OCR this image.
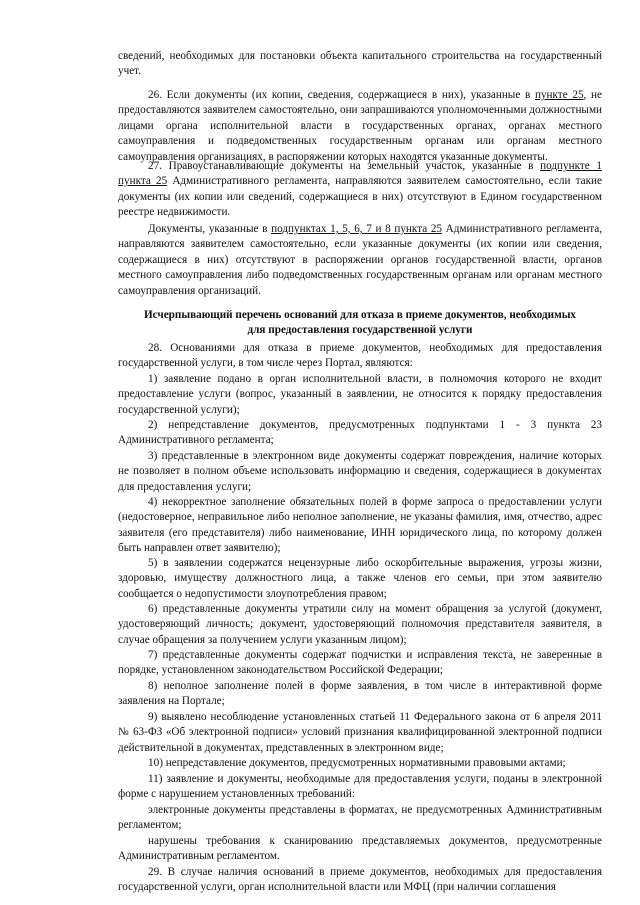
сведений, необходимых для постановки объекта капитального строительства на государственный учет.

26. Если документы (их копии, сведения, содержащиеся в них), указанные в пункте 25, не предоставляются заявителем самостоятельно, они запрашиваются уполномоченными должностными лицами органа исполнительной власти в государственных органах, органах местного самоуправления и подведомственных государственным органам или органам местного самоуправления организациях, в распоряжении которых находятся указанные документы.

27. Правоустанавливающие документы на земельный участок, указанные в подпункте 1 пункта 25 Административного регламента, направляются заявителем самостоятельно, если такие документы (их копии или сведений, содержащиеся в них) отсутствуют в Едином государственном реестре недвижимости.

Документы, указанные в подпунктах 1, 5, 6, 7 и 8 пункта 25 Административного регламента, направляются заявителем самостоятельно, если указанные документы (их копии или сведения, содержащиеся в них) отсутствуют в распоряжении органов государственной власти, органов местного самоуправления либо подведомственных государственным органам или органам местного самоуправления организаций.

Исчерпывающий перечень оснований для отказа в приеме документов, необходимых
для предоставления государственной услуги

28. Основаниями для отказа в приеме документов, необходимых для предоставления государственной услуги, в том числе через Портал, являются:

1) заявление подано в орган исполнительной власти, в полномочия которого не входит предоставление услуги (вопрос, указанный в заявлении, не относится к порядку предоставления государственной услуги);

2) непредставление документов, предусмотренных подпунктами 1 - 3 пункта 23 Административного регламента;

3) представленные в электронном виде документы содержат повреждения, наличие которых не позволяет в полном объеме использовать информацию и сведения, содержащиеся в документах для предоставления услуги;

4) некорректное заполнение обязательных полей в форме запроса о предоставлении услуги (недостоверное, неправильное либо неполное заполнение, не указаны фамилия, имя, отчество, адрес заявителя (его представителя) либо наименование, ИНН юридического лица, по которому должен быть направлен ответ заявителю);

5) в заявлении содержатся нецензурные либо оскорбительные выражения, угрозы жизни, здоровью, имуществу должностного лица, а также членов его семьи, при этом заявителю сообщается о недопустимости злоупотребления правом;

6) представленные документы утратили силу на момент обращения за услугой (документ, удостоверяющий личность; документ, удостоверяющий полномочия представителя заявителя, в случае обращения за получением услуги указанным лицом);

7) представленные документы содержат подчистки и исправления текста, не заверенные в порядке, установленном законодательством Российской Федерации;

8) неполное заполнение полей в форме заявления, в том числе в интерактивной форме заявления на Портале;

9) выявлено несоблюдение установленных статьей 11 Федерального закона от 6 апреля 2011 № 63-ФЗ «Об электронной подписи» условий признания квалифицированной электронной подписи действительной в документах, представленных в электронном виде;

10) непредставление документов, предусмотренных нормативными правовыми актами;

11) заявление и документы, необходимые для предоставления услуги, поданы в электронной форме с нарушением установленных требований:

электронные документы представлены в форматах, не предусмотренных Административным регламентом;

нарушены требования к сканированию представляемых документов, предусмотренные Административным регламентом.

29. В случае наличия оснований в приеме документов, необходимых для предоставления государственной услуги, орган исполнительной власти или МФЦ (при наличии соглашения
